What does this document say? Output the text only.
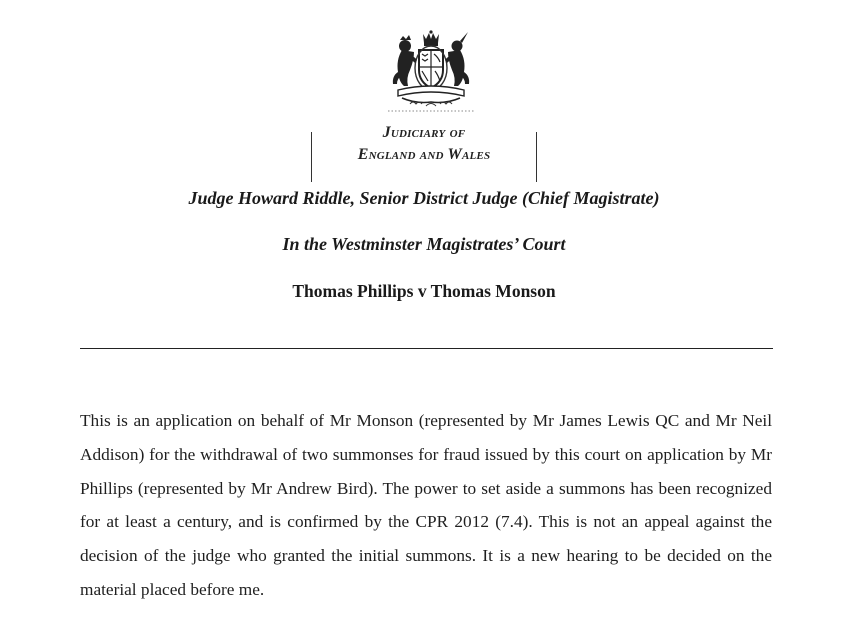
Judiciary of
England and Wales
Judge Howard Riddle, Senior District Judge (Chief Magistrate)
In the Westminster Magistrates’ Court
Thomas Phillips v Thomas Monson
This is an application on behalf of Mr Monson (represented by Mr James Lewis QC and Mr Neil Addison) for the withdrawal of two summonses for fraud issued by this court on application by Mr Phillips (represented by Mr Andrew Bird). The power to set aside a summons has been recognized for at least a century, and is confirmed by the CPR 2012 (7.4). This is not an appeal against the decision of the judge who granted the initial summons. It is a new hearing to be decided on the material placed before me.
